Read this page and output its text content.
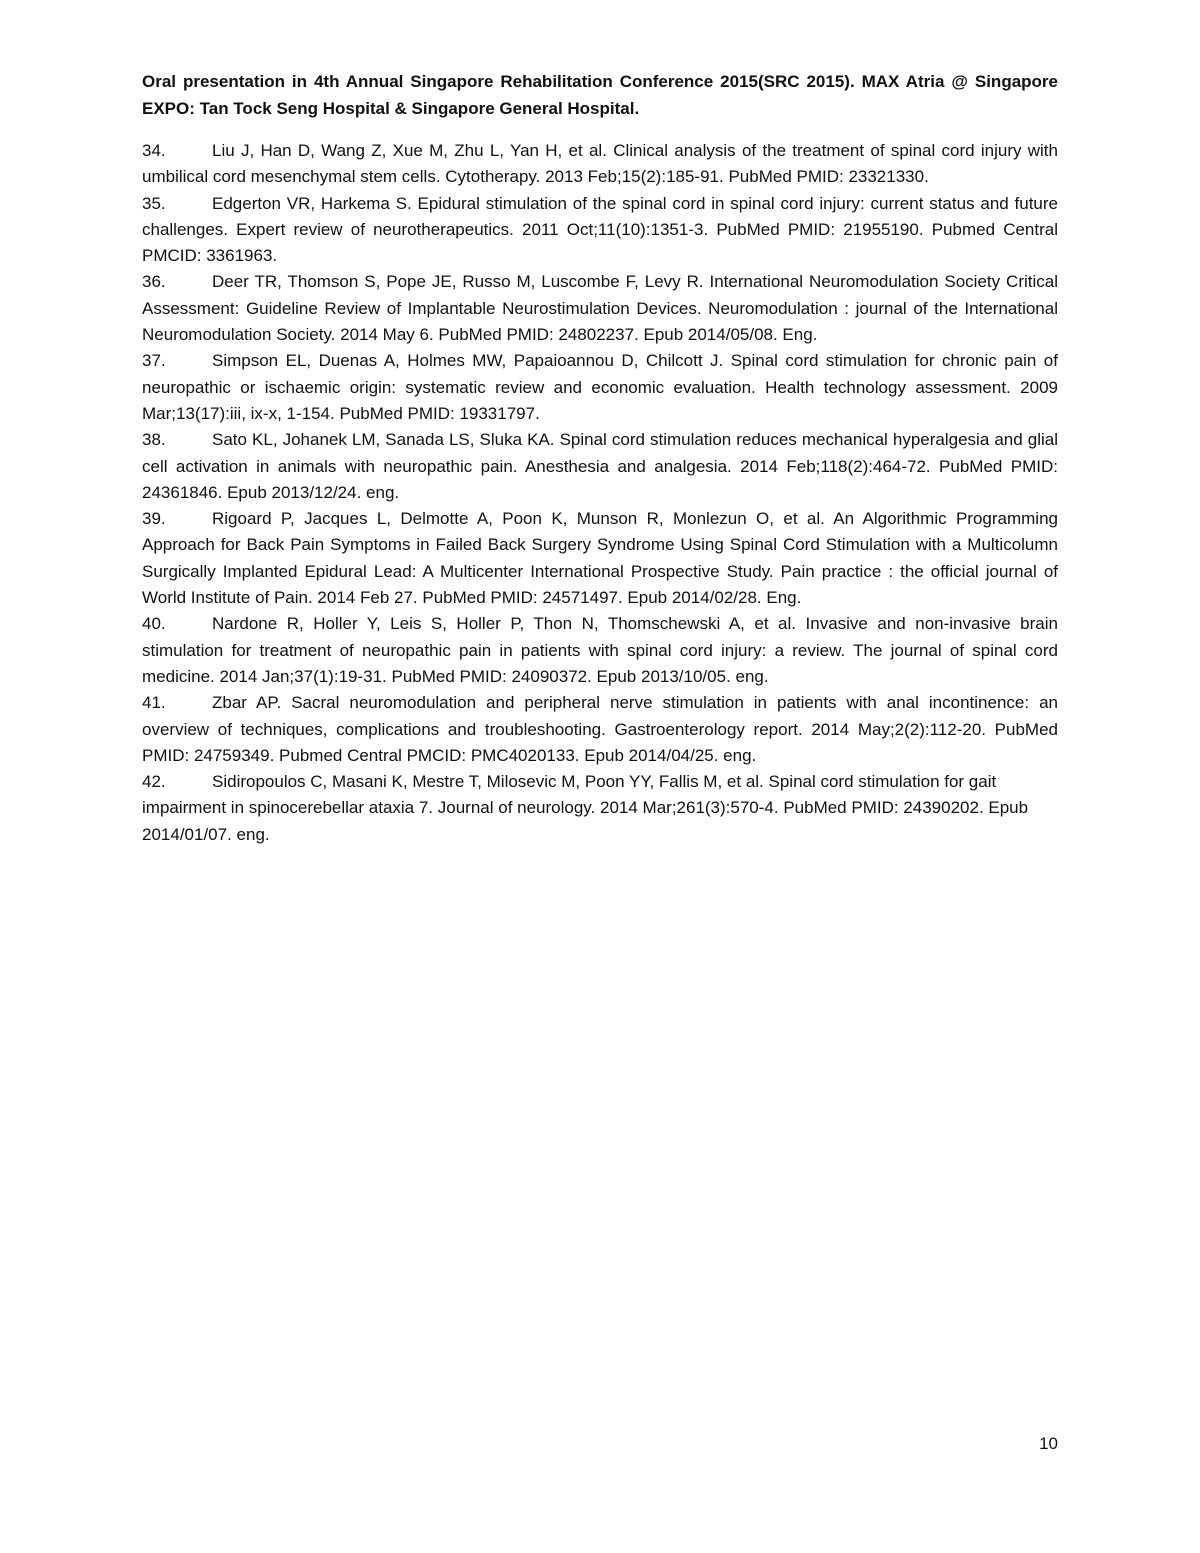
Oral presentation in 4th Annual Singapore Rehabilitation Conference 2015(SRC 2015). MAX Atria @ Singapore EXPO: Tan Tock Seng Hospital & Singapore General Hospital.

34.	Liu J, Han D, Wang Z, Xue M, Zhu L, Yan H, et al. Clinical analysis of the treatment of spinal cord injury with umbilical cord mesenchymal stem cells. Cytotherapy. 2013 Feb;15(2):185-91. PubMed PMID: 23321330.
35.	Edgerton VR, Harkema S. Epidural stimulation of the spinal cord in spinal cord injury: current status and future challenges. Expert review of neurotherapeutics. 2011 Oct;11(10):1351-3. PubMed PMID: 21955190. Pubmed Central PMCID: 3361963.
36.	Deer TR, Thomson S, Pope JE, Russo M, Luscombe F, Levy R. International Neuromodulation Society Critical Assessment: Guideline Review of Implantable Neurostimulation Devices. Neuromodulation : journal of the International Neuromodulation Society. 2014 May 6. PubMed PMID: 24802237. Epub 2014/05/08. Eng.
37.	Simpson EL, Duenas A, Holmes MW, Papaioannou D, Chilcott J. Spinal cord stimulation for chronic pain of neuropathic or ischaemic origin: systematic review and economic evaluation. Health technology assessment. 2009 Mar;13(17):iii, ix-x, 1-154. PubMed PMID: 19331797.
38.	Sato KL, Johanek LM, Sanada LS, Sluka KA. Spinal cord stimulation reduces mechanical hyperalgesia and glial cell activation in animals with neuropathic pain. Anesthesia and analgesia. 2014 Feb;118(2):464-72. PubMed PMID: 24361846. Epub 2013/12/24. eng.
39.	Rigoard P, Jacques L, Delmotte A, Poon K, Munson R, Monlezun O, et al. An Algorithmic Programming Approach for Back Pain Symptoms in Failed Back Surgery Syndrome Using Spinal Cord Stimulation with a Multicolumn Surgically Implanted Epidural Lead: A Multicenter International Prospective Study. Pain practice : the official journal of World Institute of Pain. 2014 Feb 27. PubMed PMID: 24571497. Epub 2014/02/28. Eng.
40.	Nardone R, Holler Y, Leis S, Holler P, Thon N, Thomschewski A, et al. Invasive and non-invasive brain stimulation for treatment of neuropathic pain in patients with spinal cord injury: a review. The journal of spinal cord medicine. 2014 Jan;37(1):19-31. PubMed PMID: 24090372. Epub 2013/10/05. eng.
41.	Zbar AP. Sacral neuromodulation and peripheral nerve stimulation in patients with anal incontinence: an overview of techniques, complications and troubleshooting. Gastroenterology report. 2014 May;2(2):112-20. PubMed PMID: 24759349. Pubmed Central PMCID: PMC4020133. Epub 2014/04/25. eng.
42.	Sidiropoulos C, Masani K, Mestre T, Milosevic M, Poon YY, Fallis M, et al. Spinal cord stimulation for gait impairment in spinocerebellar ataxia 7. Journal of neurology. 2014 Mar;261(3):570-4. PubMed PMID: 24390202. Epub 2014/01/07. eng.
10
